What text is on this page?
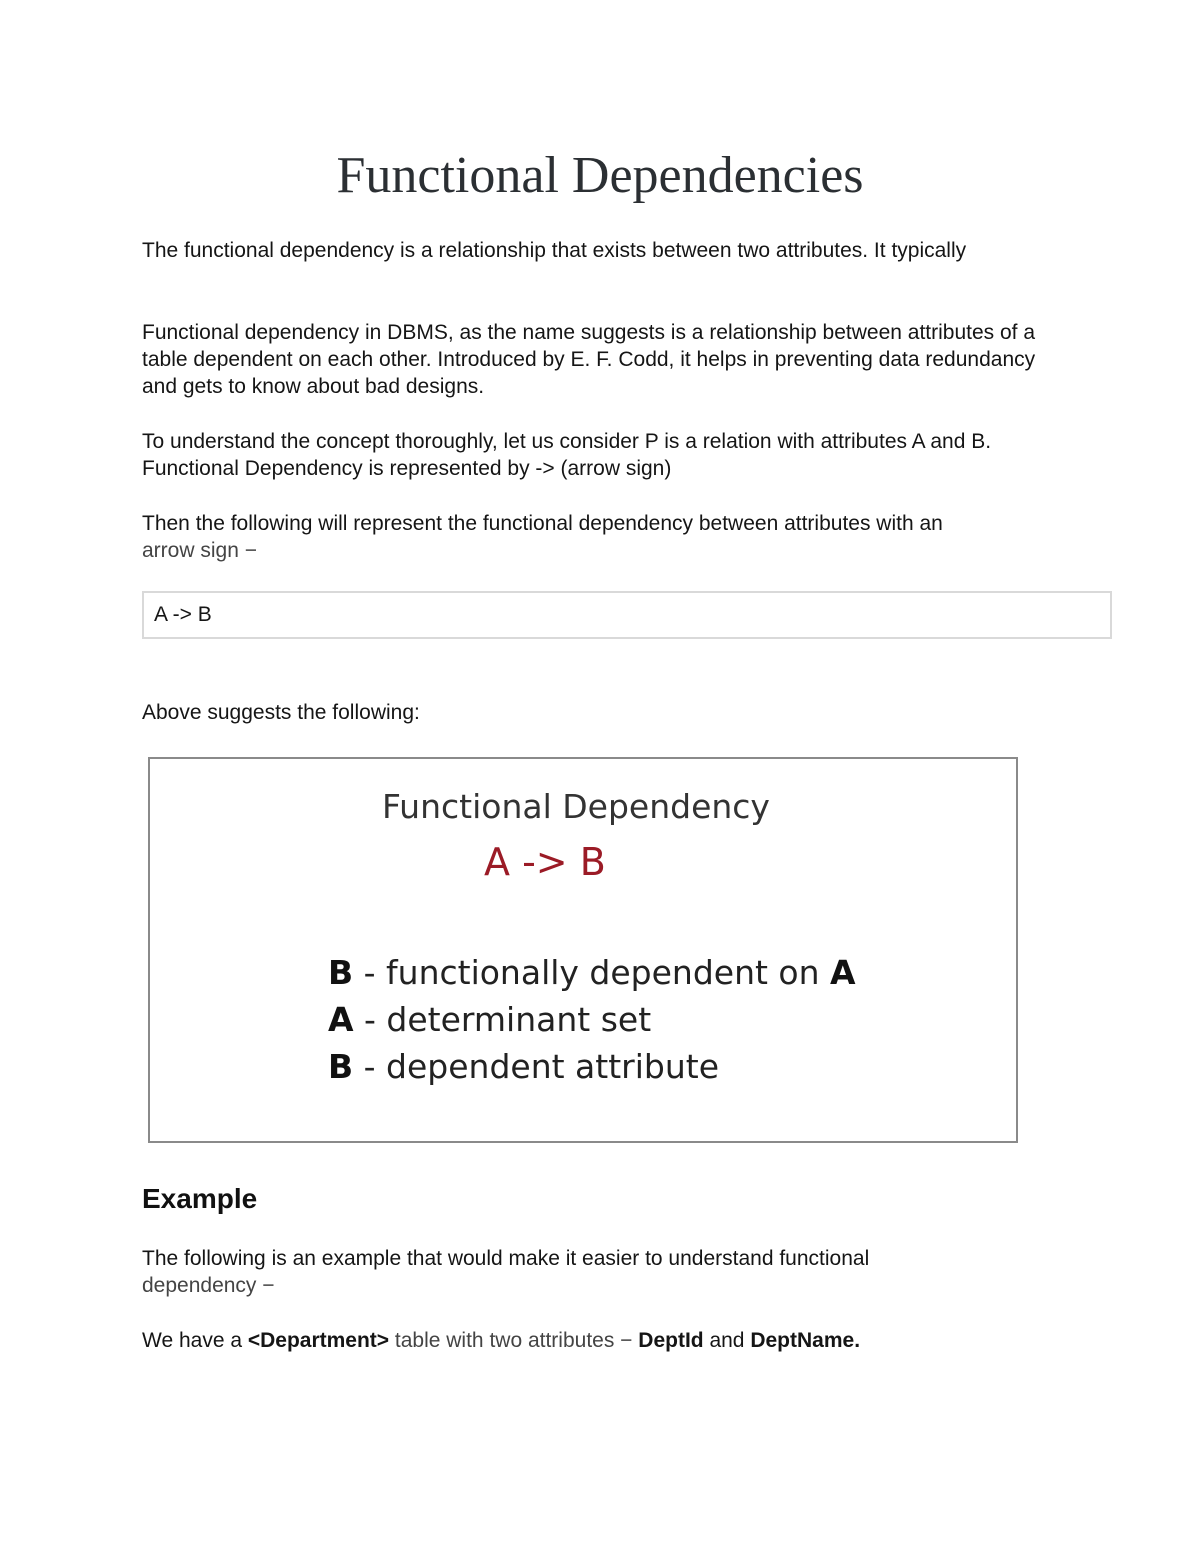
Functional Dependencies

The functional dependency is a relationship that exists between two attributes. It typically

Functional dependency in DBMS, as the name suggests is a relationship between attributes of a table dependent on each other. Introduced by E. F. Codd, it helps in preventing data redundancy and gets to know about bad designs.

To understand the concept thoroughly, let us consider P is a relation with attributes A and B. Functional Dependency is represented by -> (arrow sign)

Then the following will represent the functional dependency between attributes with an
arrow sign −

A -> B

Above suggests the following:

Functional Dependency

A -> B

B - functionally dependent on A

A - determinant set

B - dependent attribute

Example

The following is an example that would make it easier to understand functional
dependency −

We have a <Department> table with two attributes − DeptId and DeptName.
